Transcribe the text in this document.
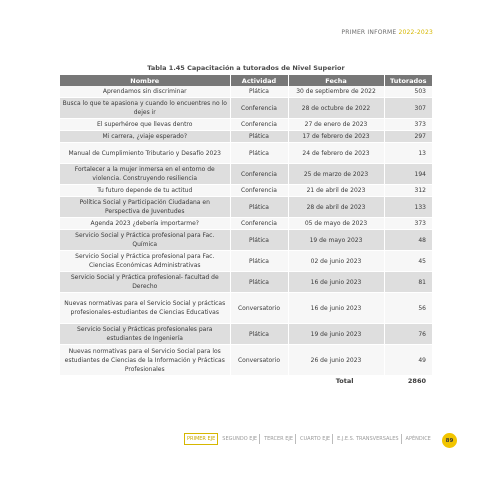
PRIMER INFORME 2022-2023
Tabla 1.45 Capacitación a tutorados de Nivel Superior
Nombre	Actividad	Fecha	Tutorados
Aprendamos sin discriminar	Plática	30 de septiembre de 2022	503
Busca lo que te apasiona y cuando lo encuentres no lo dejes ir	Conferencia	28 de octubre de 2022	307
El superhéroe que llevas dentro	Conferencia	27 de enero de 2023	373
Mi carrera, ¿viaje esperado?	Plática	17 de febrero de 2023	297
Manual de Cumplimiento Tributario y Desafío 2023	Plática	24 de febrero de 2023	13
Fortalecer a la mujer inmersa en el entorno de violencia. Construyendo resiliencia	Conferencia	25 de marzo de 2023	194
Tu futuro depende de tu actitud	Conferencia	21 de abril de 2023	312
Política Social y Participación Ciudadana en Perspectiva de Juventudes	Plática	28 de abril de 2023	133
Agenda 2023 ¿debería importarme?	Conferencia	05 de mayo de 2023	373
Servicio Social y Práctica profesional para Fac. Química	Plática	19 de mayo 2023	48
Servicio Social y Práctica profesional para Fac. Ciencias Económicas Administrativas	Plática	02 de junio 2023	45
Servicio Social y Práctica profesional- facultad de Derecho	Plática	16 de junio 2023	81
Nuevas normativas para el Servicio Social y prácticas profesionales-estudiantes de Ciencias Educativas	Conversatorio	16 de junio 2023	56
Servicio Social y Prácticas profesionales para estudiantes de Ingeniería	Plática	19 de junio 2023	76
Nuevas normativas para el Servicio Social para los estudiantes de Ciencias de la Información y Prácticas Profesionales	Conversatorio	26 de junio 2023	49
		Total	2860
PRIMER EJE	SEGUNDO EJE	TERCER EJE	CUARTO EJE	E.J.E.S. TRANSVERSALES	APÉNDICE	89
